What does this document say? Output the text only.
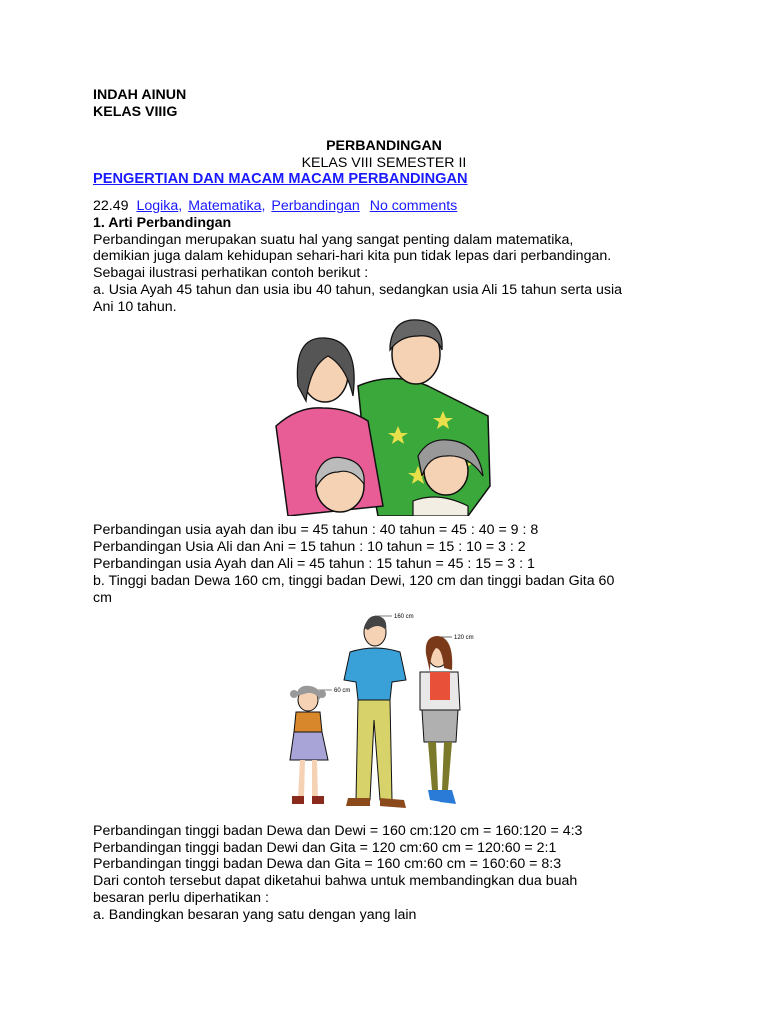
INDAH AINUN
KELAS VIIIG
PERBANDINGAN
KELAS VIII SEMESTER II
PENGERTIAN DAN MACAM MACAM PERBANDINGAN
22.49 Logika, Matematika, Perbandingan No comments
1. Arti Perbandingan
Perbandingan merupakan suatu hal yang sangat penting dalam matematika,
demikian juga dalam kehidupan sehari-hari kita pun tidak lepas dari perbandingan.
Sebagai ilustrasi perhatikan contoh berikut :
a. Usia Ayah 45 tahun dan usia ibu 40 tahun, sedangkan usia Ali 15 tahun serta usia
Ani 10 tahun.
Perbandingan usia ayah dan ibu = 45 tahun : 40 tahun = 45 : 40 = 9 : 8
Perbandingan Usia Ali dan Ani = 15 tahun : 10 tahun = 15 : 10 = 3 : 2
Perbandingan usia Ayah dan Ali = 45 tahun : 15 tahun = 45 : 15 = 3 : 1
b. Tinggi badan Dewa 160 cm, tinggi badan Dewi, 120 cm dan tinggi badan Gita 60
cm
160 cm
120 cm
60 cm
Perbandingan tinggi badan Dewa dan Dewi = 160 cm:120 cm = 160:120 = 4:3
Perbandingan tinggi badan Dewi dan Gita = 120 cm:60 cm = 120:60 = 2:1
Perbandingan tinggi badan Dewa dan Gita = 160 cm:60 cm = 160:60 = 8:3
Dari contoh tersebut dapat diketahui bahwa untuk membandingkan dua buah
besaran perlu diperhatikan :
a. Bandingkan besaran yang satu dengan yang lain
